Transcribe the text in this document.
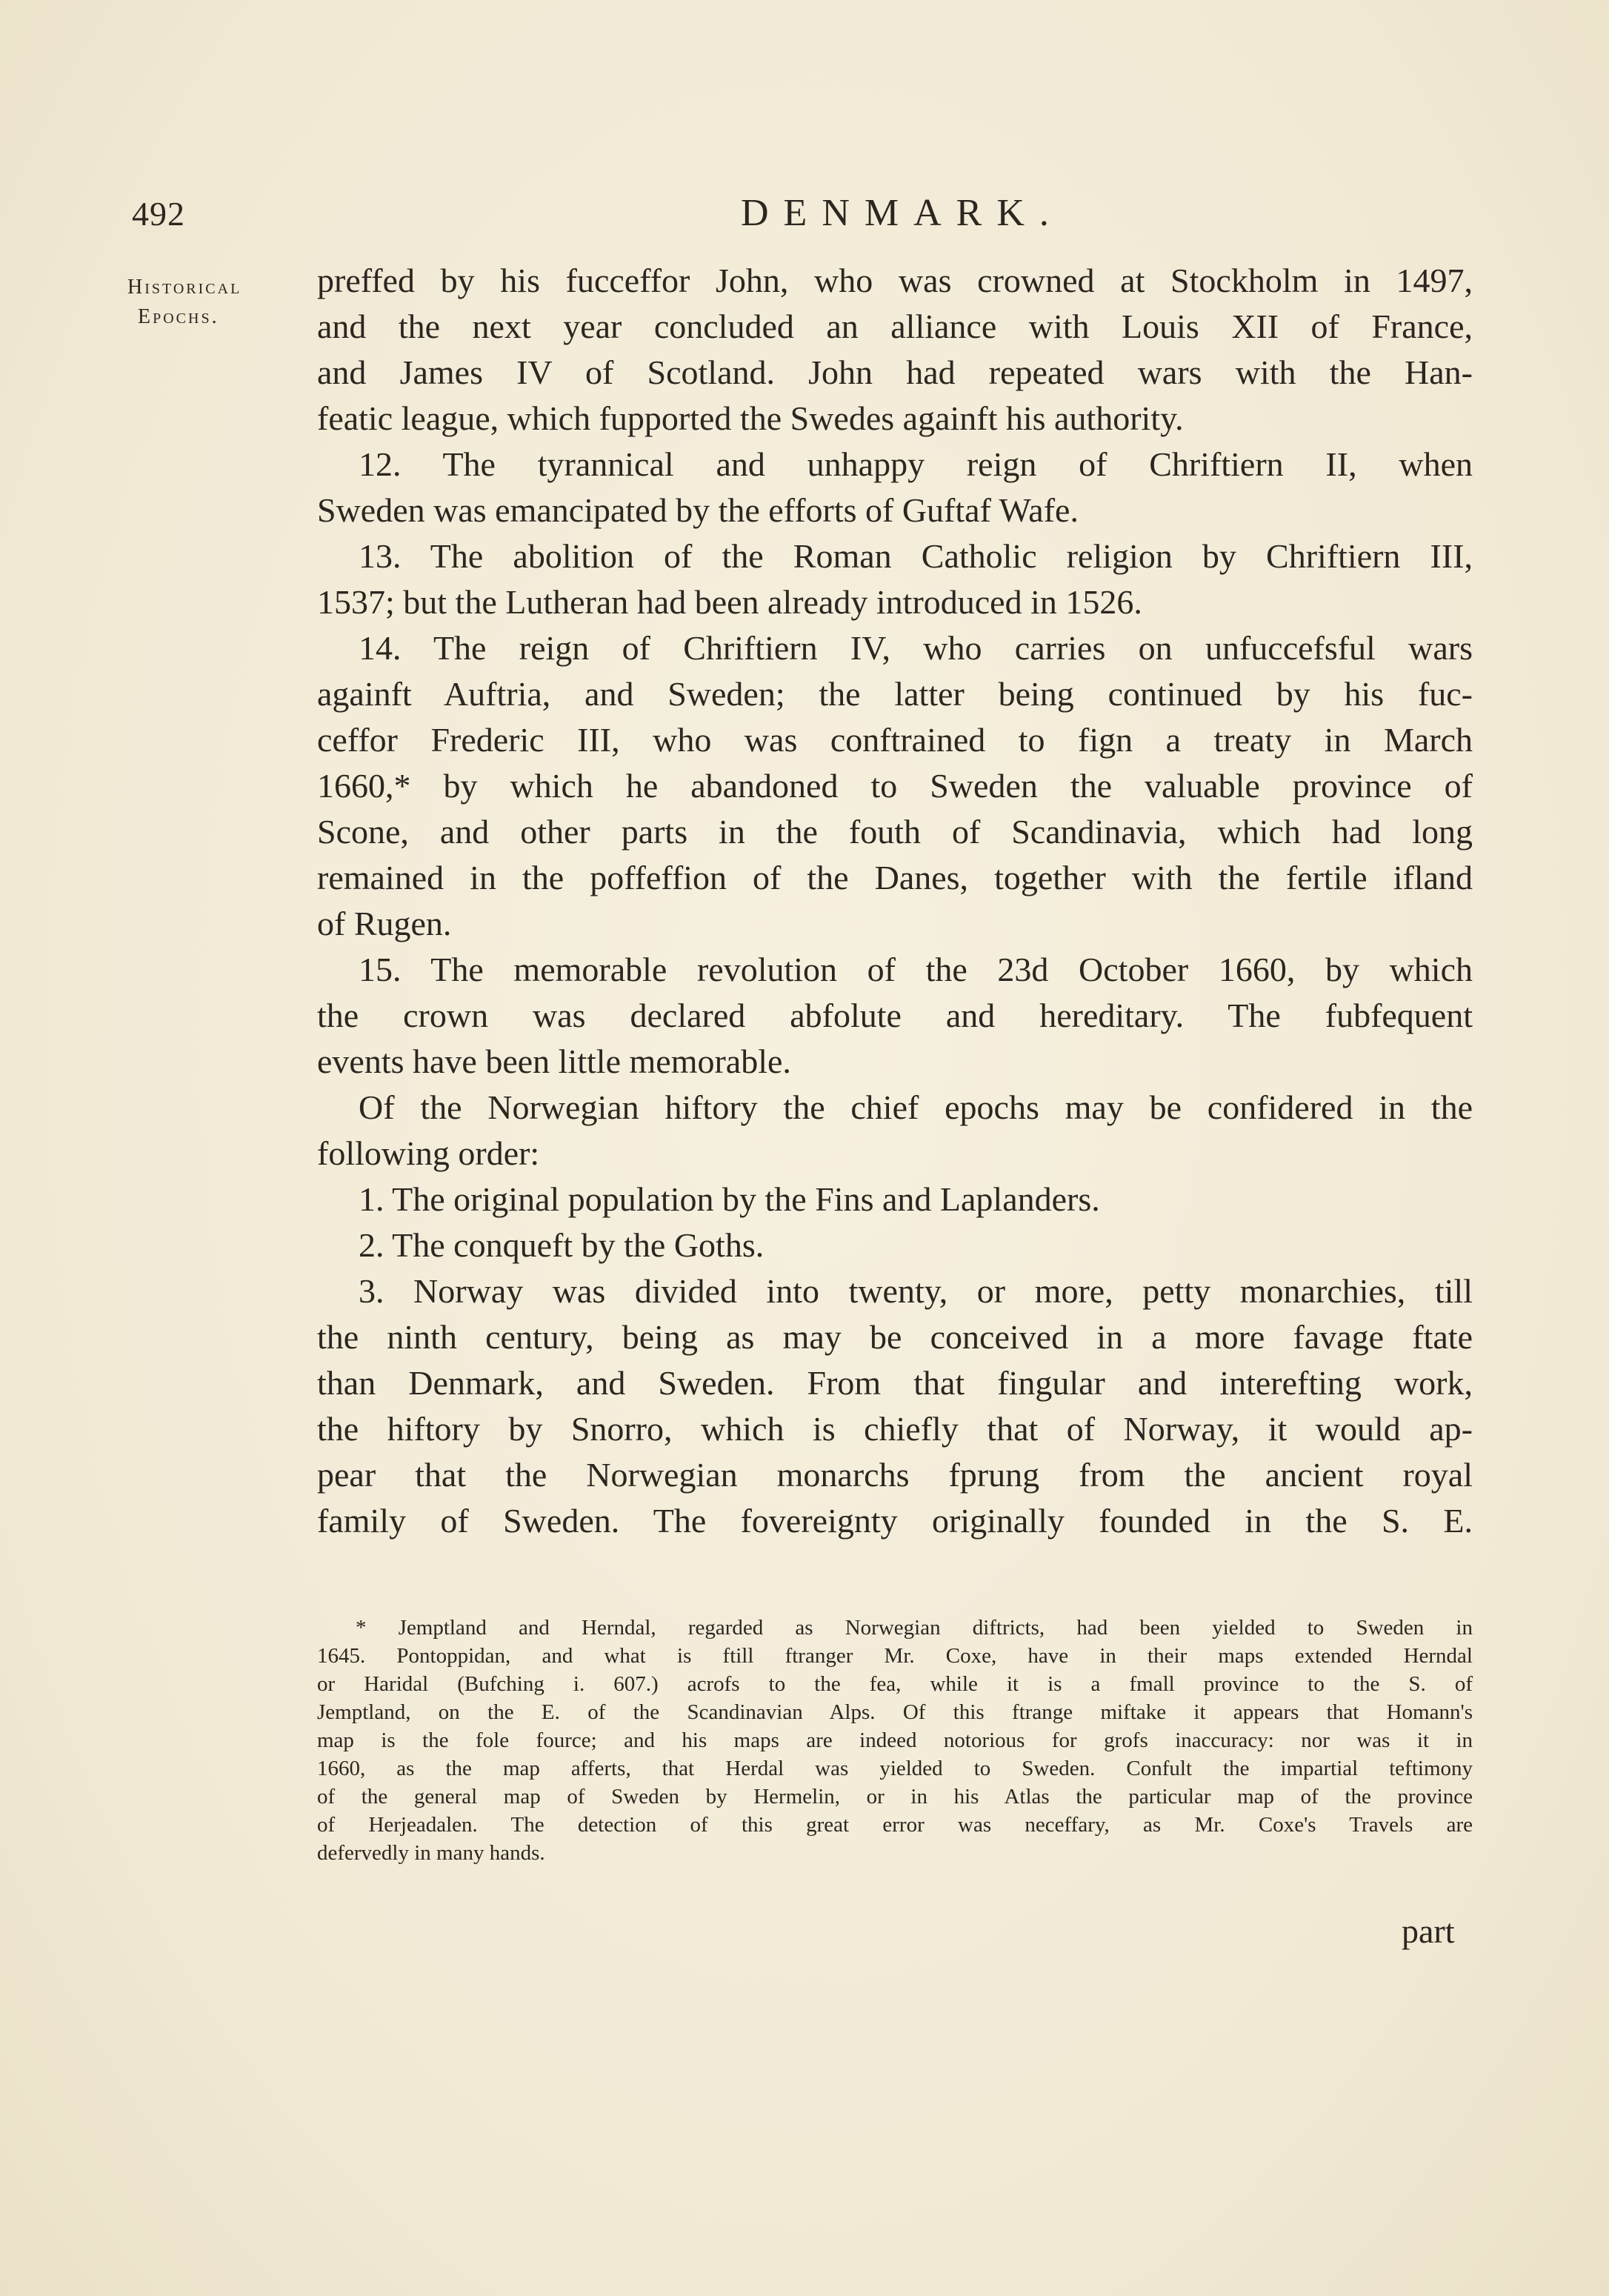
492	DENMARK.
Historical
Epochs.
preffed by his fucceffor John, who was crowned at Stockholm in 1497,
and the next year concluded an alliance with Louis XII of France,
and James IV of Scotland. John had repeated wars with the Han-
featic league, which fupported the Swedes againft his authority.
12. The tyrannical and unhappy reign of Chriftiern II, when
Sweden was emancipated by the efforts of Guftaf Wafe.
13. The abolition of the Roman Catholic religion by Chriftiern III,
1537; but the Lutheran had been already introduced in 1526.
14. The reign of Chriftiern IV, who carries on unfuccefsful wars
againft Auftria, and Sweden; the latter being continued by his fuc-
ceffor Frederic III, who was conftrained to fign a treaty in March
1660,* by which he abandoned to Sweden the valuable province of
Scone, and other parts in the fouth of Scandinavia, which had long
remained in the poffeffion of the Danes, together with the fertile ifland
of Rugen.
15. The memorable revolution of the 23d October 1660, by which
the crown was declared abfolute and hereditary. The fubfequent
events have been little memorable.
Of the Norwegian hiftory the chief epochs may be confidered in the
following order:
1. The original population by the Fins and Laplanders.
2. The conqueft by the Goths.
3. Norway was divided into twenty, or more, petty monarchies, till
the ninth century, being as may be conceived in a more favage ftate
than Denmark, and Sweden. From that fingular and interefting work,
the hiftory by Snorro, which is chiefly that of Norway, it would ap-
pear that the Norwegian monarchs fprung from the ancient royal
family of Sweden. The fovereignty originally founded in the S. E.
* Jemptland and Herndal, regarded as Norwegian diftricts, had been yielded to Sweden in
1645. Pontoppidan, and what is ftill ftranger Mr. Coxe, have in their maps extended Herndal
or Haridal (Bufching i. 607.) acrofs to the fea, while it is a fmall province to the S. of
Jemptland, on the E. of the Scandinavian Alps. Of this ftrange miftake it appears that Homann's
map is the fole fource; and his maps are indeed notorious for grofs inaccuracy: nor was it in
1660, as the map afferts, that Herdal was yielded to Sweden. Confult the impartial teftimony
of the general map of Sweden by Hermelin, or in his Atlas the particular map of the province
of Herjeadalen. The detection of this great error was neceffary, as Mr. Coxe's Travels are
defervedly in many hands.
part
